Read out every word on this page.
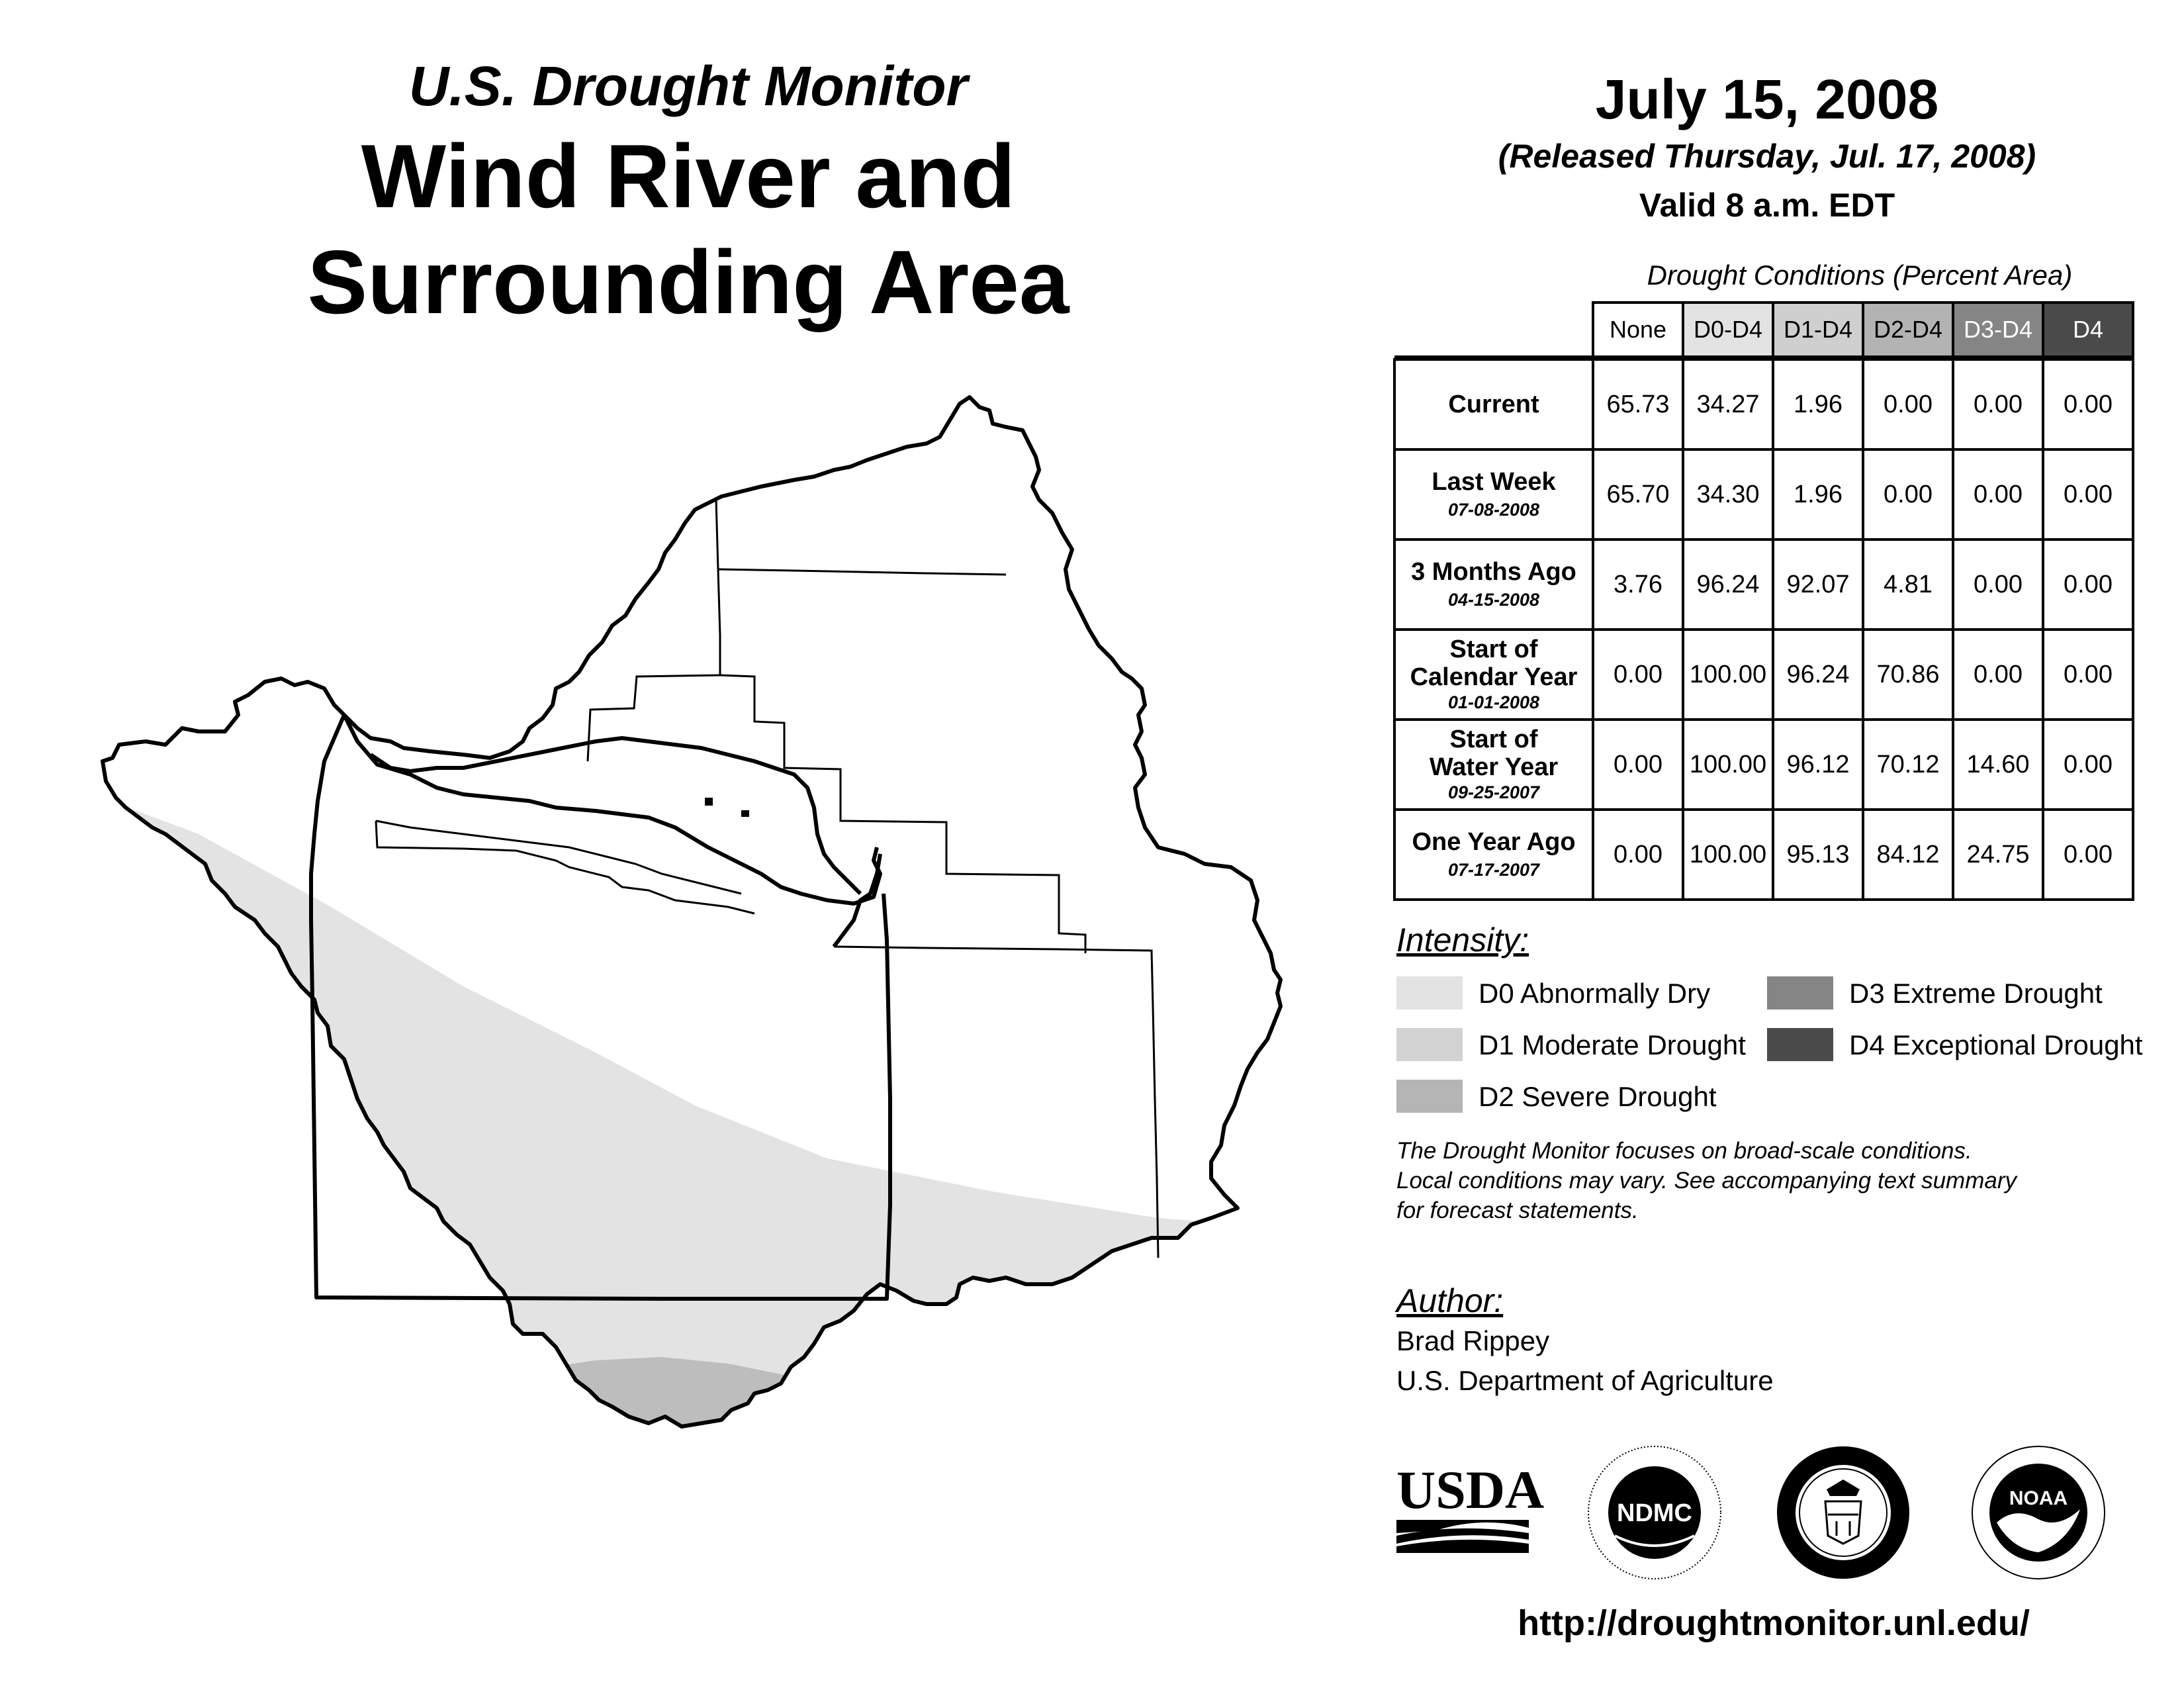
U.S. Drought Monitor
Wind River and
Surrounding Area
July 15, 2008
(Released Thursday, Jul. 17, 2008)
Valid 8 a.m. EDT
Drought Conditions (Percent Area)
	None	D0-D4	D1-D4	D2-D4	D3-D4	D4

Current	65.73	34.27	1.96	0.00	0.00	0.00

Last Week
07-08-2008	65.70	34.30	1.96	0.00	0.00	0.00

3 Months Ago
04-15-2008	3.76	96.24	92.07	4.81	0.00	0.00

Start of
Calendar Year
01-01-2008	0.00	100.00	96.24	70.86	0.00	0.00

Start of
Water Year
09-25-2007	0.00	100.00	96.12	70.12	14.60	0.00

One Year Ago
07-17-2007	0.00	100.00	95.13	84.12	24.75	0.00
Intensity:
D0 Abnormally Dry
D1 Moderate Drought
D2 Severe Drought
D3 Extreme Drought
D4 Exceptional Drought
The Drought Monitor focuses on broad-scale conditions.
Local conditions may vary. See accompanying text summary
for forecast statements.
Author:
Brad Rippey
U.S. Department of Agriculture
USDA	NDMC
NOAA
http://droughtmonitor.unl.edu/
